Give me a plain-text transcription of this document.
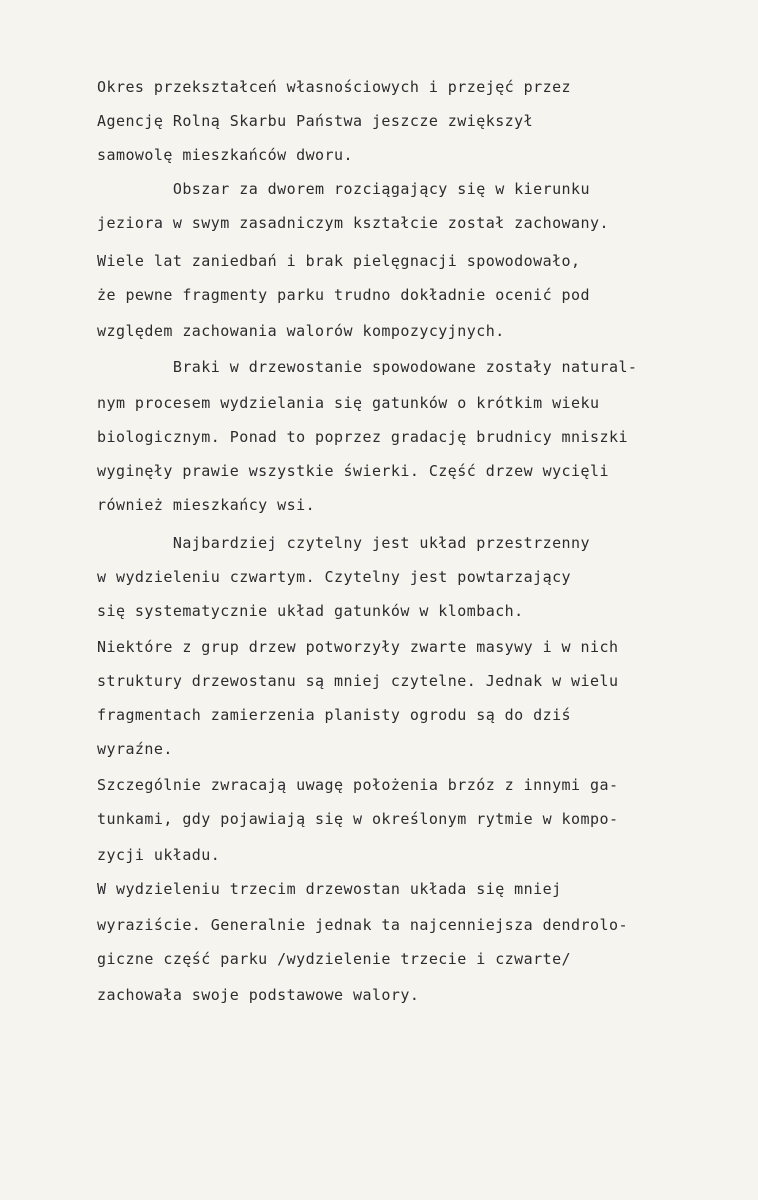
Okres przekształceń własnościowych i przejęć przez

Agencję Rolną Skarbu Państwa jeszcze zwiększył

samowolę mieszkańców dworu.

Obszar za dworem rozciągający się w kierunku

jeziora w swym zasadniczym kształcie został zachowany.

Wiele lat zaniedbań i brak pielęgnacji spowodowało,

że pewne fragmenty parku trudno dokładnie ocenić pod

względem zachowania walorów kompozycyjnych.

Braki w drzewostanie spowodowane zostały natural-

nym procesem wydzielania się gatunków o krótkim wieku

biologicznym. Ponad to poprzez gradację brudnicy mniszki

wyginęły prawie wszystkie świerki. Część drzew wycięli

również mieszkańcy wsi.

Najbardziej czytelny jest układ przestrzenny

w wydzieleniu czwartym. Czytelny jest powtarzający

się systematycznie układ gatunków w klombach.

Niektóre z grup drzew potworzyły zwarte masywy i w nich

struktury drzewostanu są mniej czytelne. Jednak w wielu

fragmentach zamierzenia planisty ogrodu są do dziś

wyraźne.

Szczególnie zwracają uwagę położenia brzóz z innymi ga-

tunkami, gdy pojawiają się w określonym rytmie w kompo-

zycji układu.

W wydzieleniu trzecim drzewostan układa się mniej

wyraziście. Generalnie jednak ta najcenniejsza dendrolo-

giczne część parku /wydzielenie trzecie i czwarte/

zachowała swoje podstawowe walory.
